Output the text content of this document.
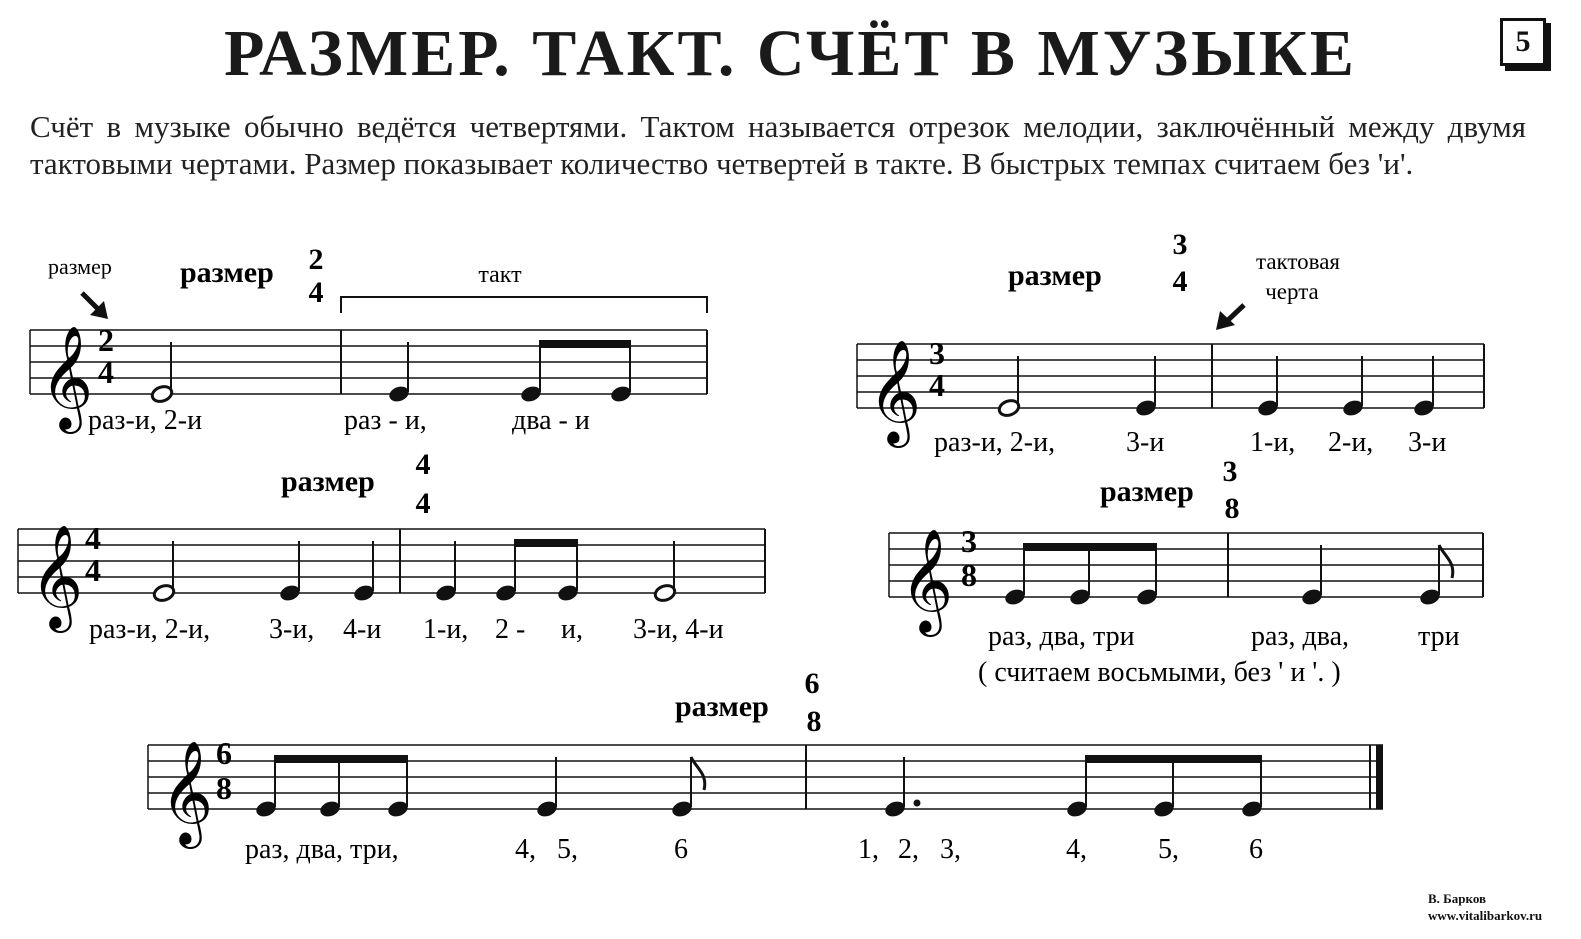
РАЗМЕР. ТАКТ. СЧЁТ В МУЗЫКЕ	5

Счёт в музыке обычно ведётся четвертями. Тактом называется отрезок мелодии, заключённый между двумя тактовыми чертами. Размер показывает количество четвертей в такте. В быстрых темпах считаем без 'и'.

размер размер 2
4
такт
𝄞 2
4
раз-и, 2-и	раз - и,	два - и
размер
3
4
тактовая
черта
𝄞 3
4
раз-и, 2-и,	3-и	1-и, 2-и, 3-и
размер
4
4
𝄞 4
4
раз-и, 2-и, 3-и, 4-и 1-и, 2 - и, 3-и, 4-и
размер
3
8
𝄞 3
8
раз, два, три	раз, два, три
( считаем восьмыми, без ' и '. )
размер
6
8
𝄞 6
8
раз, два, три,	4, 5,	6	1, 2, 3,	4,	5,	6
В. Барков
www.vitalibarkov.ru
